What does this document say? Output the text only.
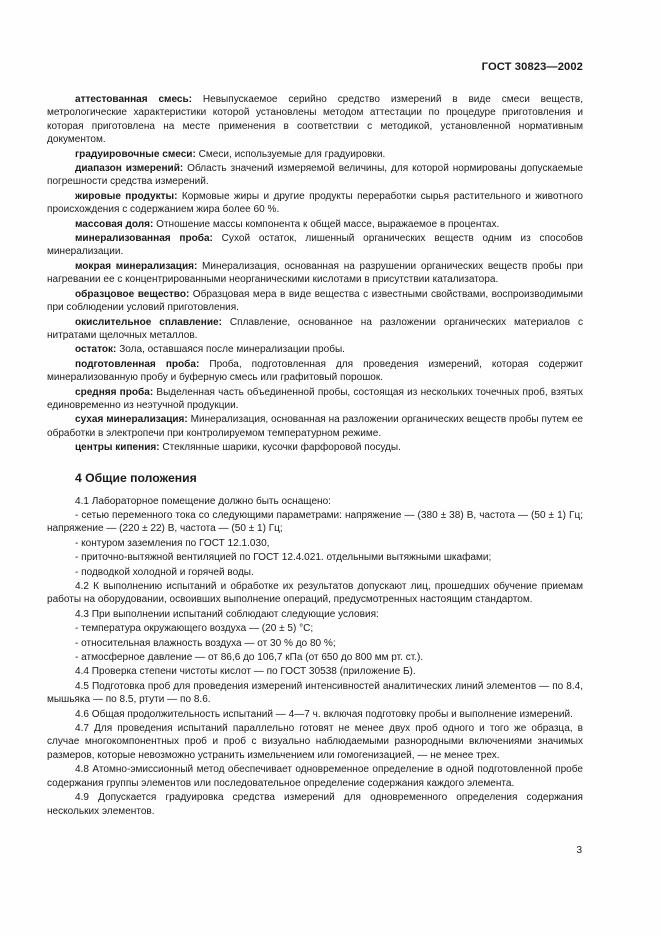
ГОСТ 30823—2002

аттестованная смесь: Невыпускаемое серийно средство измерений в виде смеси веществ, метрологические характеристики которой установлены методом аттестации по процедуре приготовления и которая приготовлена на месте применения в соответствии с методикой, установленной нормативным документом.

градуировочные смеси: Смеси, используемые для градуировки.

диапазон измерений: Область значений измеряемой величины, для которой нормированы допускаемые погрешности средства измерений.

жировые продукты: Кормовые жиры и другие продукты переработки сырья растительного и животного происхождения с содержанием жира более 60 %.

массовая доля: Отношение массы компонента к общей массе, выражаемое в процентах.

минерализованная проба: Сухой остаток, лишенный органических веществ одним из способов минерализации.

мокрая минерализация: Минерализация, основанная на разрушении органических веществ пробы при нагревании ее с концентрированными неорганическими кислотами в присутствии катализатора.

образцовое вещество: Образцовая мера в виде вещества с известными свойствами, воспроизводимыми при соблюдении условий приготовления.

окислительное сплавление: Сплавление, основанное на разложении органических материалов с нитратами щелочных металлов.

остаток: Зола, оставшаяся после минерализации пробы.

подготовленная проба: Проба, подготовленная для проведения измерений, которая содержит минерализованную пробу и буферную смесь или графитовый порошок.

средняя проба: Выделенная часть объединенной пробы, состоящая из нескольких точечных проб, взятых единовременно из неэтучной продукции.

сухая минерализация: Минерализация, основанная на разложении органических веществ пробы путем ее обработки в электропечи при контролируемом температурном режиме.

центры кипения: Стеклянные шарики, кусочки фарфоровой посуды.

4 Общие положения

4.1 Лабораторное помещение должно быть оснащено:

- сетью переменного тока со следующими параметрами: напряжение — (380 ± 38) В, частота — (50 ± 1) Гц; напряжение — (220 ± 22) В, частота — (50 ± 1) Гц;

- контуром заземления по ГОСТ 12.1.030,

- приточно-вытяжной вентиляцией по ГОСТ 12.4.021. отдельными вытяжными шкафами;

- подводкой холодной и горячей воды.

4.2 К выполнению испытаний и обработке их результатов допускают лиц, прошедших обучение приемам работы на оборудовании, освоивших выполнение операций, предусмотренных настоящим стандартом.

4.3 При выполнении испытаний соблюдают следующие условия:

- температура окружающего воздуха — (20 ± 5) °С;

- относительная влажность воздуха — от 30 % до 80 %;

- атмосферное давление — от 86,6 до 106,7 кПа (от 650 до 800 мм рт. ст.).

4.4 Проверка степени чистоты кислот — по ГОСТ 30538 (приложение Б).

4.5 Подготовка проб для проведения измерений интенсивностей аналитических линий элементов — по 8.4, мышьяка — по 8.5, ртути — по 8.6.

4.6 Общая продолжительность испытаний — 4—7 ч. включая подготовку пробы и выполнение измерений.

4.7 Для проведения испытаний параллельно готовят не менее двух проб одного и того же образца, в случае многокомпонентных проб и проб с визуально наблюдаемыми разнородными включениями значимых размеров, которые невозможно устранить измельчением или гомогенизацией, — не менее трех.

4.8 Атомно-эмиссионный метод обеспечивает одновременное определение в одной подготовленной пробе содержания группы элементов или последовательное определение содержания каждого элемента.

4.9 Допускается градуировка средства измерений для одновременного определения содержания нескольких элементов.

3
